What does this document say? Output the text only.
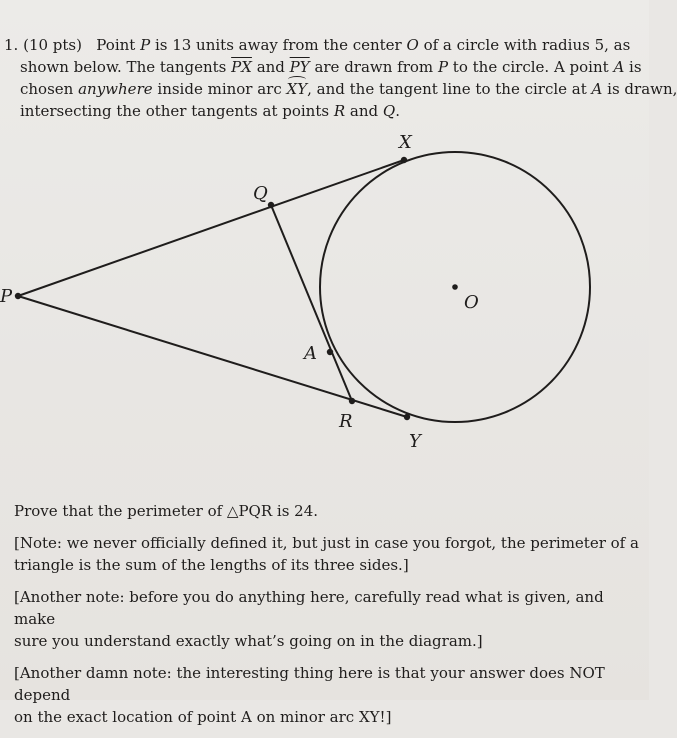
1. (10 pts)   Point P is 13 units away from the center O of a circle with radius 5, as
shown below. The tangents $\overline{PX}$ and $\overline{PY}$ are drawn from P to the circle. A point A is
chosen anywhere inside minor arc XY, and the tangent line to the circle at A is drawn,
intersecting the other tangents at points R and Q.
P
Q
X
O
A
R
Y
Prove that the perimeter of △PQR is 24.
[Note: we never officially defined it, but just in case you forgot, the perimeter of a
triangle is the sum of the lengths of its three sides.]
[Another note: before you do anything here, carefully read what is given, and make
sure you understand exactly what’s going on in the diagram.]
[Another damn note: the interesting thing here is that your answer does NOT depend
on the exact location of point A on minor arc XY!]
